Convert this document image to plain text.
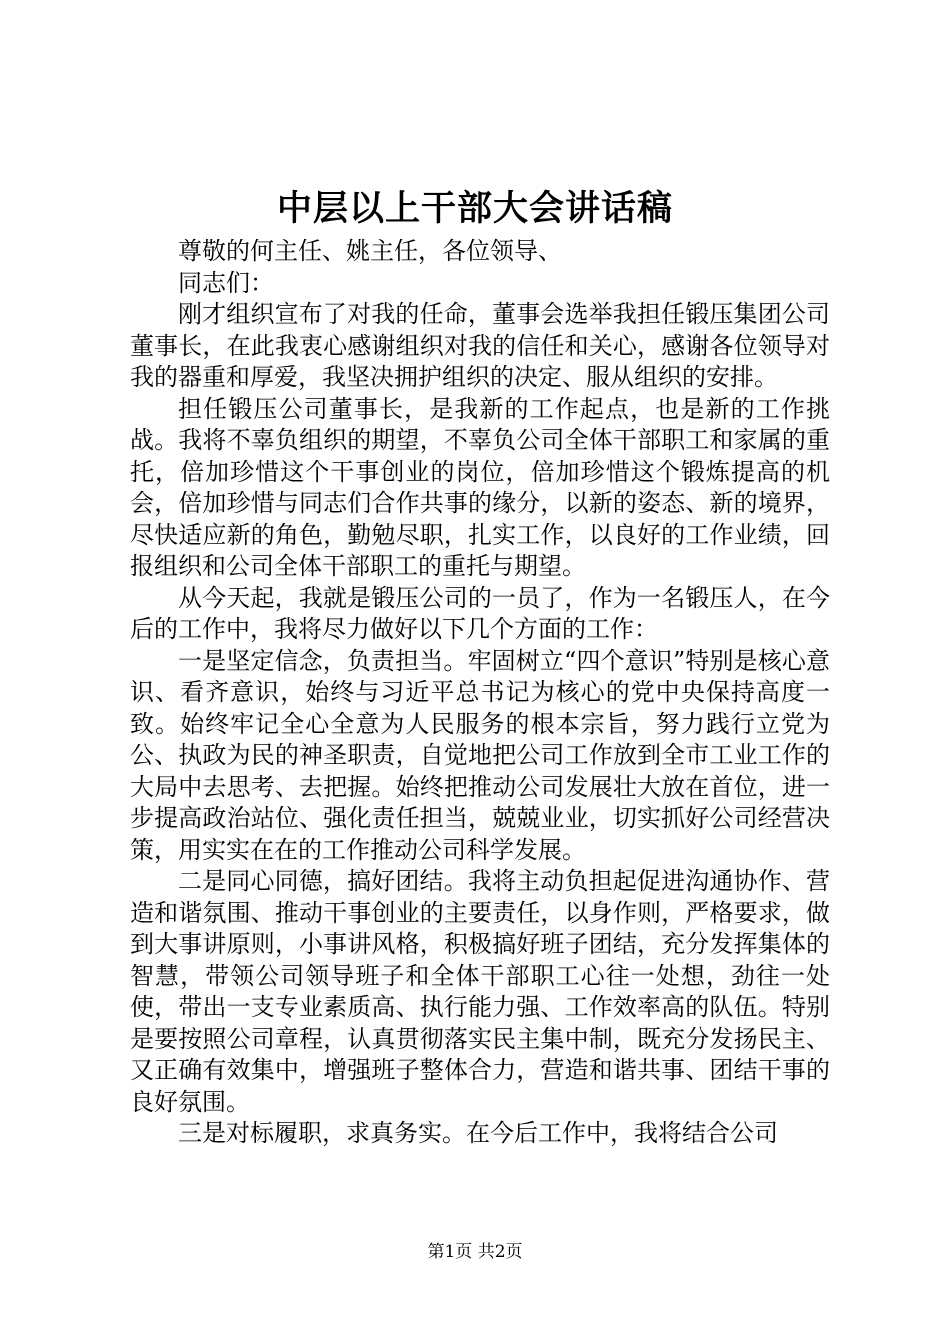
中层以上干部大会讲话稿

尊敬的何主任、姚主任，各位领导、

同志们：

刚才组织宣布了对我的任命，董事会选举我担任锻压集团公司董事长，在此我衷心感谢组织对我的信任和关心，感谢各位领导对我的器重和厚爱，我坚决拥护组织的决定、服从组织的安排。

担任锻压公司董事长，是我新的工作起点，也是新的工作挑战。我将不辜负组织的期望，不辜负公司全体干部职工和家属的重托，倍加珍惜这个干事创业的岗位，倍加珍惜这个锻炼提高的机会，倍加珍惜与同志们合作共事的缘分，以新的姿态、新的境界，尽快适应新的角色，勤勉尽职，扎实工作，以良好的工作业绩，回报组织和公司全体干部职工的重托与期望。

从今天起，我就是锻压公司的一员了，作为一名锻压人，在今后的工作中，我将尽力做好以下几个方面的工作：

一是坚定信念，负责担当。牢固树立“四个意识”特别是核心意识、看齐意识，始终与习近平总书记为核心的党中央保持高度一致。始终牢记全心全意为人民服务的根本宗旨，努力践行立党为公、执政为民的神圣职责，自觉地把公司工作放到全市工业工作的大局中去思考、去把握。始终把推动公司发展壮大放在首位，进一步提高政治站位、强化责任担当，兢兢业业，切实抓好公司经营决策，用实实在在的工作推动公司科学发展。

二是同心同德，搞好团结。我将主动负担起促进沟通协作、营造和谐氛围、推动干事创业的主要责任，以身作则，严格要求，做到大事讲原则，小事讲风格，积极搞好班子团结，充分发挥集体的智慧，带领公司领导班子和全体干部职工心往一处想，劲往一处使，带出一支专业素质高、执行能力强、工作效率高的队伍。特别是要按照公司章程，认真贯彻落实民主集中制，既充分发扬民主、又正确有效集中，增强班子整体合力，营造和谐共事、团结干事的良好氛围。

三是对标履职，求真务实。在今后工作中，我将结合公司

第1页 共2页
